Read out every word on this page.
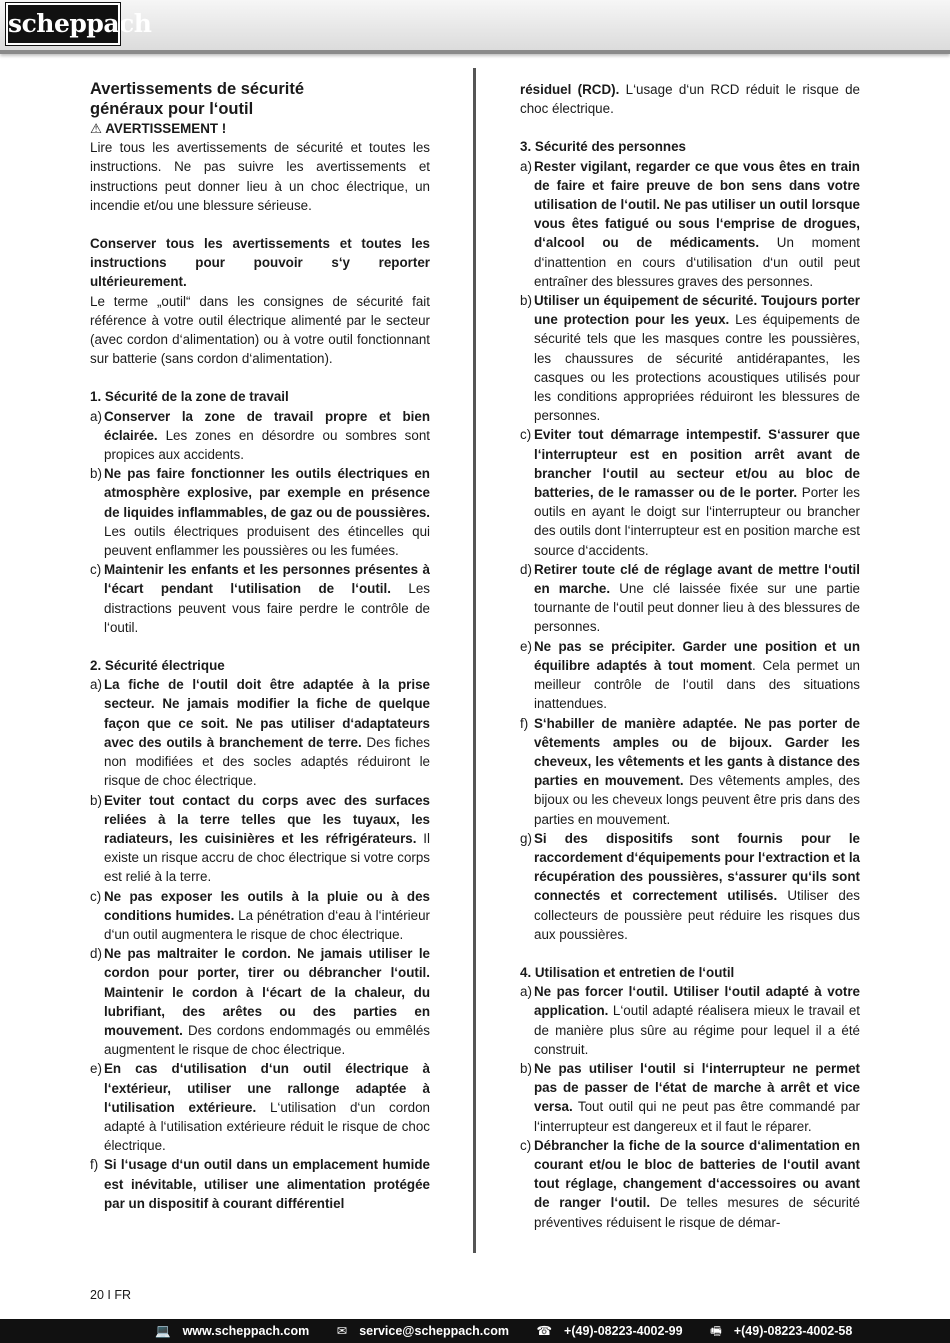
scheppach

Avertissements de sécurité
généraux pour l‘outil

⚠ AVERTISSEMENT !

Lire tous les avertissements de sécurité et toutes les instructions. Ne pas suivre les avertissements et instructions peut donner lieu à un choc électrique, un incendie et/ou une blessure sérieuse.

Conserver tous les avertissements et toutes les instructions pour pouvoir s‘y reporter ultérieurement.

Le terme „outil“ dans les consignes de sécurité fait référence à votre outil électrique alimenté par le secteur (avec cordon d‘alimentation) ou à votre outil fonctionnant sur batterie (sans cordon d‘alimentation).

1. Sécurité de la zone de travail

a) Conserver la zone de travail propre et bien éclairée. Les zones en désordre ou sombres sont propices aux accidents.

b) Ne pas faire fonctionner les outils électriques en atmosphère explosive, par exemple en présence de liquides inflammables, de gaz ou de poussières. Les outils électriques produisent des étincelles qui peuvent enflammer les poussières ou les fumées.

c) Maintenir les enfants et les personnes présentes à l‘écart pendant l‘utilisation de l‘outil. Les distractions peuvent vous faire perdre le contrôle de l‘outil.

2. Sécurité électrique

a) La fiche de l‘outil doit être adaptée à la prise secteur. Ne jamais modifier la fiche de quelque façon que ce soit. Ne pas utiliser d‘adaptateurs avec des outils à branchement de terre. Des fiches non modifiées et des socles adaptés réduiront le risque de choc électrique.

b) Eviter tout contact du corps avec des surfaces reliées à la terre telles que les tuyaux, les radiateurs, les cuisinières et les réfrigérateurs. Il existe un risque accru de choc électrique si votre corps est relié à la terre.

c) Ne pas exposer les outils à la pluie ou à des conditions humides. La pénétration d‘eau à l‘intérieur d‘un outil augmentera le risque de choc électrique.

d) Ne pas maltraiter le cordon. Ne jamais utiliser le cordon pour porter, tirer ou débrancher l‘outil. Maintenir le cordon à l‘écart de la chaleur, du lubrifiant, des arêtes ou des parties en mouvement. Des cordons endommagés ou emmêlés augmentent le risque de choc électrique.

e) En cas d‘utilisation d‘un outil électrique à l‘extérieur, utiliser une rallonge adaptée à l‘utilisation extérieure. L‘utilisation d‘un cordon adapté à l‘utilisation extérieure réduit le risque de choc électrique.

f) Si l‘usage d‘un outil dans un emplacement humide est inévitable, utiliser une alimentation protégée par un dispositif à courant différentiel

résiduel (RCD). L‘usage d‘un RCD réduit le risque de choc électrique.

3. Sécurité des personnes

a) Rester vigilant, regarder ce que vous êtes en train de faire et faire preuve de bon sens dans votre utilisation de l‘outil. Ne pas utiliser un outil lorsque vous êtes fatigué ou sous l‘emprise de drogues, d‘alcool ou de médicaments. Un moment d‘inattention en cours d‘utilisation d‘un outil peut entraîner des blessures graves des personnes.

b) Utiliser un équipement de sécurité. Toujours porter une protection pour les yeux. Les équipements de sécurité tels que les masques contre les poussières, les chaussures de sécurité antidérapantes, les casques ou les protections acoustiques utilisés pour les conditions appropriées réduiront les blessures de personnes.

c) Eviter tout démarrage intempestif. S‘assurer que l‘interrupteur est en position arrêt avant de brancher l‘outil au secteur et/ou au bloc de batteries, de le ramasser ou de le porter. Porter les outils en ayant le doigt sur l‘interrupteur ou brancher des outils dont l‘interrupteur est en position marche est source d‘accidents.

d) Retirer toute clé de réglage avant de mettre l‘outil en marche. Une clé laissée fixée sur une partie tournante de l‘outil peut donner lieu à des blessures de personnes.

e) Ne pas se précipiter. Garder une position et un équilibre adaptés à tout moment. Cela permet un meilleur contrôle de l‘outil dans des situations inattendues.

f) S‘habiller de manière adaptée. Ne pas porter de vêtements amples ou de bijoux. Garder les cheveux, les vêtements et les gants à distance des parties en mouvement. Des vêtements amples, des bijoux ou les cheveux longs peuvent être pris dans des parties en mouvement.

g) Si des dispositifs sont fournis pour le raccordement d‘équipements pour l‘extraction et la récupération des poussières, s‘assurer qu‘ils sont connectés et correctement utilisés. Utiliser des collecteurs de poussière peut réduire les risques dus aux poussières.

4. Utilisation et entretien de l‘outil

a) Ne pas forcer l‘outil. Utiliser l‘outil adapté à votre application. L‘outil adapté réalisera mieux le travail et de manière plus sûre au régime pour lequel il a été construit.

b) Ne pas utiliser l‘outil si l‘interrupteur ne permet pas de passer de l‘état de marche à arrêt et vice versa. Tout outil qui ne peut pas être commandé par l‘interrupteur est dangereux et il faut le réparer.

c) Débrancher la fiche de la source d‘alimentation en courant et/ou le bloc de batteries de l‘outil avant tout réglage, changement d‘accessoires ou avant de ranger l‘outil. De telles mesures de sécurité préventives réduisent le risque de démar-

20 I FR
💻 www.scheppach.com ✉ service@scheppach.com ☎ +(49)-08223-4002-99 🖷 +(49)-08223-4002-58
